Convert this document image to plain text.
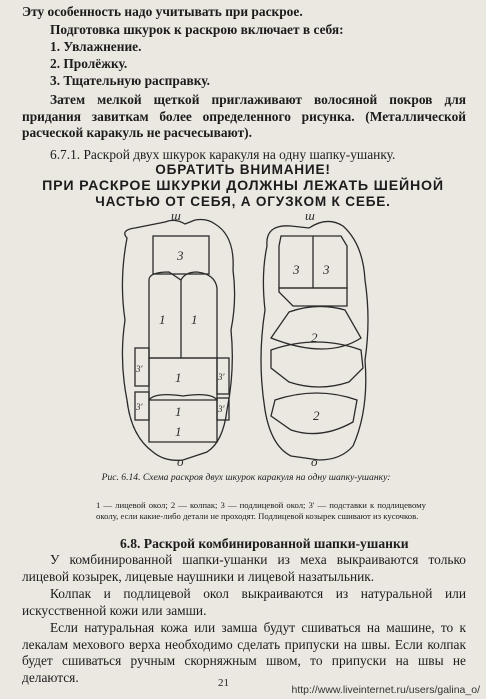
Эту особенность надо учитывать при раскрое.

Подготовка шкурок к раскрою включает в себя:

1. Увлажнение.

2. Пролёжку.

3. Тщательную расправку.

Затем мелкой щеткой приглаживают волосяной покров для придания завиткам более определенного рисунка. (Металлической расчеcкой каракуль не расчесывают).

6.7.1. Раскрой двух шкурок каракуля на одну шапку-ушанку.

ОБРАТИТЬ ВНИМАНИЕ!

ПРИ РАСКРОЕ ШКУРКИ ДОЛЖНЫ ЛЕЖАТЬ ШЕЙНОЙ

ЧАСТЬЮ ОТ СЕБЯ, А ОГУЗКОМ К СЕБЕ.

ш	ш
о	о
3
1 1
1
1
1
3'
3'
3'
3'
3 3
2
2

Рис. 6.14. Схема раскроя двух шкурок каракуля на одну шапку-ушанку:

1 — лицевой окол; 2 — колпак; 3 — подлицевой окол; 3' — подставки к подлицевому околу, если какие-либо детали не проходят. Подлицевой козырек сшивают из кусочков.

6.8. Раскрой комбинированной шапки-ушанки

У комбинированной шапки-ушанки из меха выкраиваются только лицевой козырек, лицевые наушники и лицевой назатыльник.

Колпак и подлицевой окол выкраиваются из натуральной или искусственной кожи или замши.

Если натуральная кожа или замша будут сшиваться на машине, то к лекалам мехового верха необходимо сделать припуски на швы. Если колпак будет сшиваться ручным скорняжным швом, то припуски на швы не делаются.	21

http://www.liveinternet.ru/users/galina_o/
